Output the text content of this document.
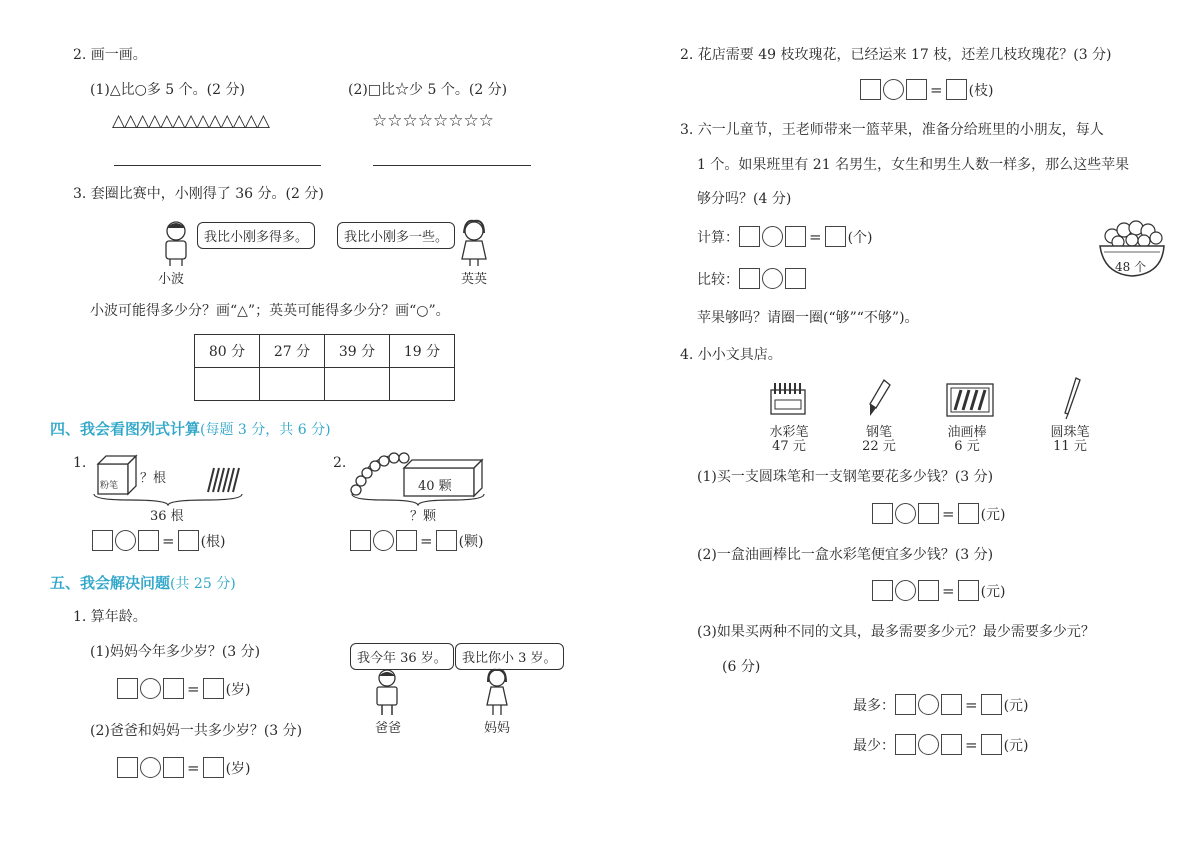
2. 画一画。
(1)△比○多 5 个。(2 分)	(2)□比☆少 5 个。(2 分)
△△△△△△△△△△△△△	☆☆☆☆☆☆☆☆
3. 套圈比赛中，小刚得了 36 分。(2 分)
我比小刚多得多。	我比小刚多一些。
小波	英英
小波可能得多少分？画“△”；英英可能得多少分？画“○”。
80 分	27 分	39 分	19 分

四、我会看图列式计算(每题 3 分，共 6 分)
1.
粉笔 ？根
36 根
= (根)
2.
40 颗
？颗
= (颗)
五、我会解决问题(共 25 分)
1. 算年龄。
(1)妈妈今年多少岁？(3 分)
= (岁)
我今年 36 岁。	我比你小 3 岁。
爸爸	妈妈
(2)爸爸和妈妈一共多少岁？(3 分)
= (岁)
2. 花店需要 49 枝玫瑰花，已经运来 17 枝，还差几枝玫瑰花？(3 分)
= (枝)
3. 六一儿童节，王老师带来一篮苹果，准备分给班里的小朋友，每人
1 个。如果班里有 21 名男生，女生和男生人数一样多，那么这些苹果
够分吗？(4 分)
计算：	= (个)
48 个
比较：
苹果够吗？请圈一圈(“够”“不够”)。
4. 小小文具店。
水彩笔
47 元
钢笔
22 元
油画棒
6 元
圆珠笔
11 元
(1)买一支圆珠笔和一支钢笔要花多少钱？(3 分)
= (元)
(2)一盒油画棒比一盒水彩笔便宜多少钱？(3 分)
= (元)
(3)如果买两种不同的文具，最多需要多少元？最少需要多少元？
(6 分)
最多：	= (元)
最少：	= (元)
